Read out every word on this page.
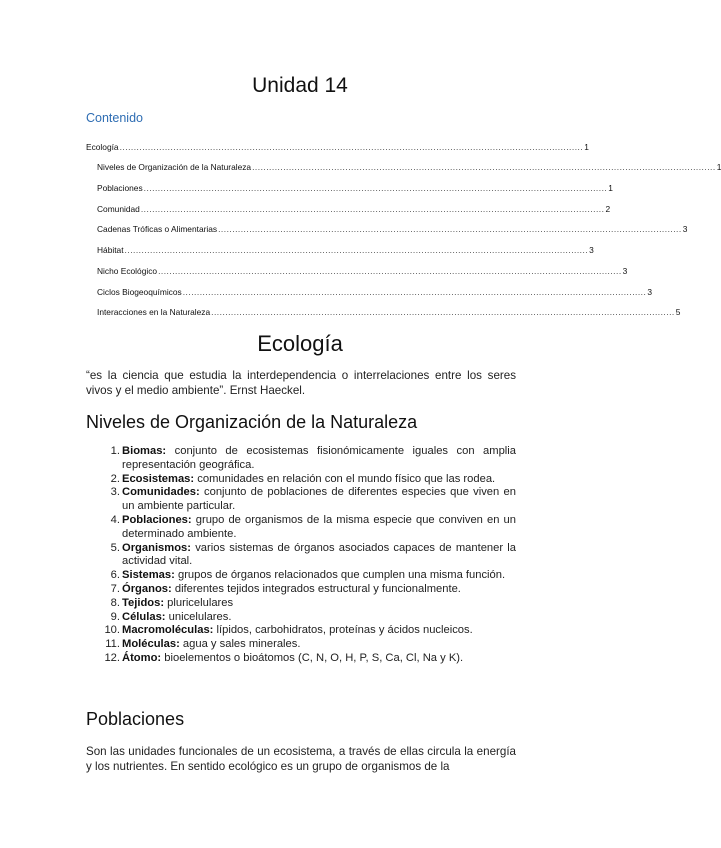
Unidad 14
Contenido
Ecología .................................................................................................................................................................... 1
Niveles de Organización de la Naturaleza .................................................................................................................................................................... 1
Poblaciones .................................................................................................................................................................... 1
Comunidad .................................................................................................................................................................... 2
Cadenas Tróficas o Alimentarias .................................................................................................................................................................... 3
Hábitat .................................................................................................................................................................... 3
Nicho Ecológico .................................................................................................................................................................... 3
Ciclos Biogeoquímicos .................................................................................................................................................................... 3
Interacciones en la Naturaleza .................................................................................................................................................................... 5
Ecología
“es la ciencia que estudia la interdependencia o interrelaciones entre los seres vivos y el medio ambiente”. Ernst Haeckel.
Niveles de Organización de la Naturaleza
1. Biomas: conjunto de ecosistemas fisionómicamente iguales con amplia representación geográfica.
2. Ecosistemas: comunidades en relación con el mundo físico que las rodea.
3. Comunidades: conjunto de poblaciones de diferentes especies que viven en un ambiente particular.
4. Poblaciones: grupo de organismos de la misma especie que conviven en un determinado ambiente.
5. Organismos: varios sistemas de órganos asociados capaces de mantener la actividad vital.
6. Sistemas: grupos de órganos relacionados que cumplen una misma función.
7. Órganos: diferentes tejidos integrados estructural y funcionalmente.
8. Tejidos: pluricelulares
9. Células: unicelulares.
10. Macromoléculas: lípidos, carbohidratos, proteínas y ácidos nucleicos.
11. Moléculas: agua y sales minerales.
12. Átomo: bioelementos o bioátomos (C, N, O, H, P, S, Ca, Cl, Na y K).
Poblaciones
Son las unidades funcionales de un ecosistema, a través de ellas circula la energía y los nutrientes. En sentido ecológico es un grupo de organismos de la
